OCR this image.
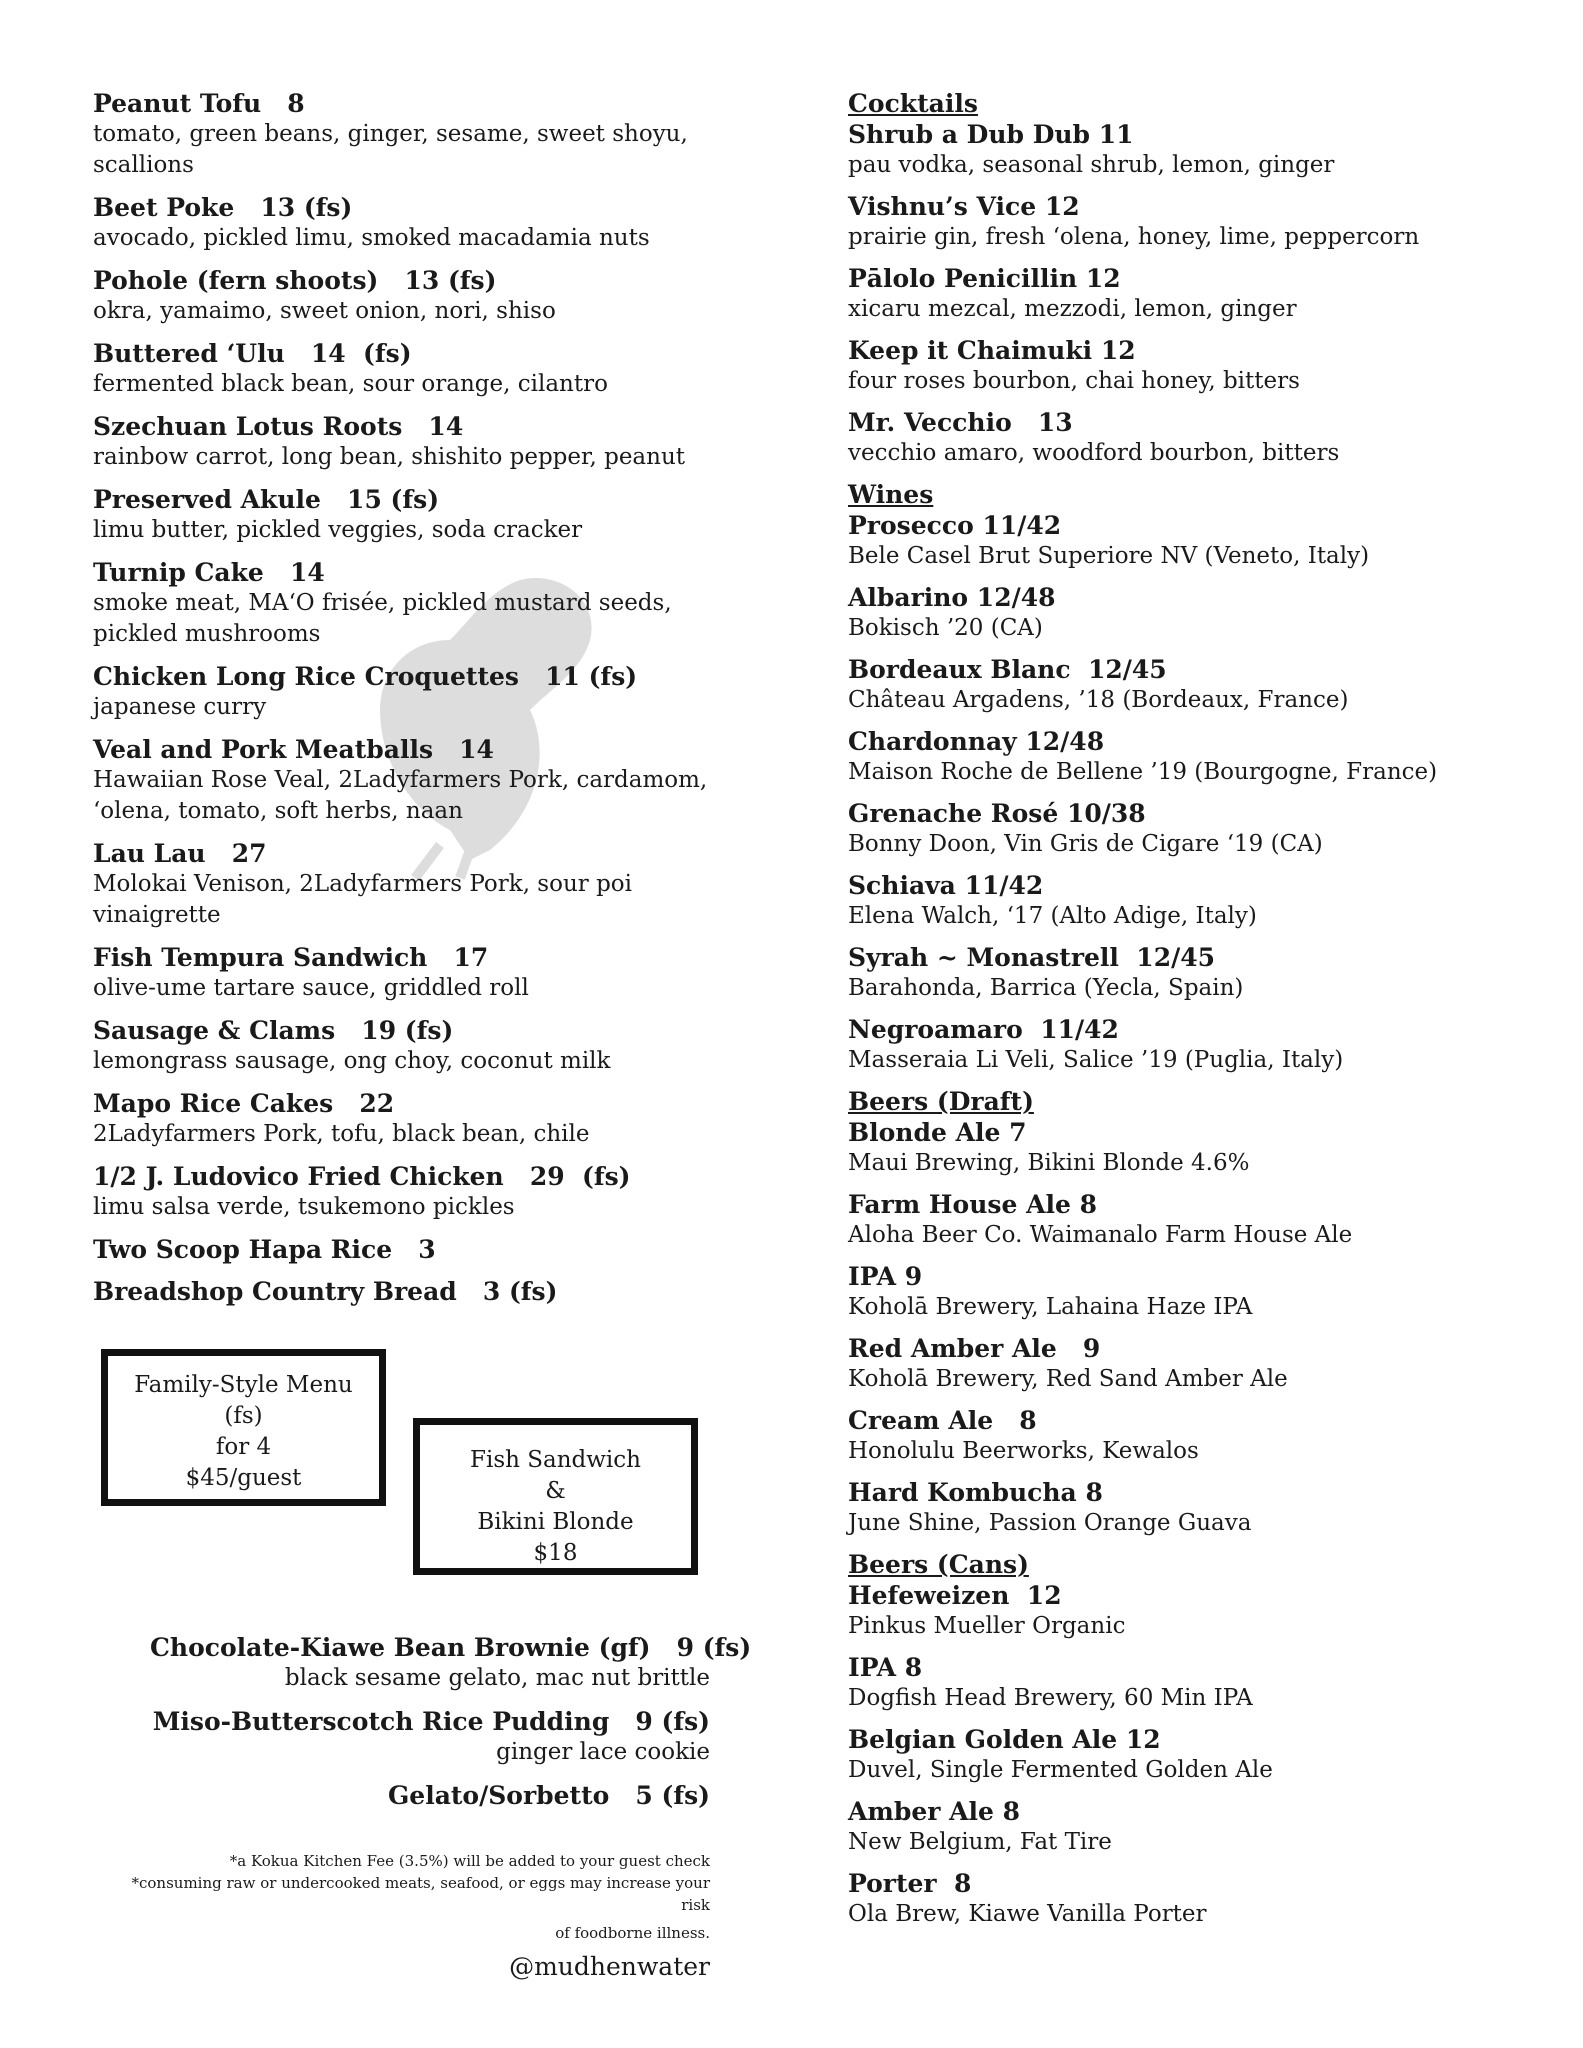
Peanut Tofu   8
tomato, green beans, ginger, sesame, sweet shoyu, scallions
Beet Poke   13 (fs)
avocado, pickled limu, smoked macadamia nuts
Pohole (fern shoots)   13 (fs)
okra, yamaimo, sweet onion, nori, shiso
Buttered ‘Ulu   14  (fs)
fermented black bean, sour orange, cilantro
Szechuan Lotus Roots   14
rainbow carrot, long bean, shishito pepper, peanut
Preserved Akule   15 (fs)
limu butter, pickled veggies, soda cracker
Turnip Cake   14
smoke meat, MA‘O frisée, pickled mustard seeds, pickled mushrooms
Chicken Long Rice Croquettes   11 (fs)
japanese curry
Veal and Pork Meatballs   14
Hawaiian Rose Veal, 2Ladyfarmers Pork, cardamom, ‘olena, tomato, soft herbs, naan
Lau Lau   27
Molokai Venison, 2Ladyfarmers Pork, sour poi vinaigrette
Fish Tempura Sandwich   17
olive-ume tartare sauce, griddled roll
Sausage & Clams   19 (fs)
lemongrass sausage, ong choy, coconut milk
Mapo Rice Cakes   22
2Ladyfarmers Pork, tofu, black bean, chile
1/2 J. Ludovico Fried Chicken   29  (fs)
limu salsa verde, tsukemono pickles
Two Scoop Hapa Rice   3
Breadshop Country Bread   3 (fs)
Family-Style Menu
(fs)
for 4
$45/guest
Fish Sandwich
&
Bikini Blonde
$18
Chocolate-Kiawe Bean Brownie (gf)   9 (fs)
black sesame gelato, mac nut brittle
Miso-Butterscotch Rice Pudding   9 (fs)
ginger lace cookie
Gelato/Sorbetto   5 (fs)
*a Kokua Kitchen Fee (3.5%) will be added to your guest check
*consuming raw or undercooked meats, seafood, or eggs may increase your risk
of foodborne illness.
@mudhenwater
Cocktails
Shrub a Dub Dub 11
pau vodka, seasonal shrub, lemon, ginger
Vishnu’s Vice 12
prairie gin, fresh ‘olena, honey, lime, peppercorn
Pālolo Penicillin 12
xicaru mezcal, mezzodi, lemon, ginger
Keep it Chaimuki 12
four roses bourbon, chai honey, bitters
Mr. Vecchio   13
vecchio amaro, woodford bourbon, bitters
Wines
Prosecco 11/42
Bele Casel Brut Superiore NV (Veneto, Italy)
Albarino 12/48
Bokisch ’20 (CA)
Bordeaux Blanc  12/45
Château Argadens, ’18 (Bordeaux, France)
Chardonnay 12/48
Maison Roche de Bellene ’19 (Bourgogne, France)
Grenache Rosé 10/38
Bonny Doon, Vin Gris de Cigare ‘19 (CA)
Schiava 11/42
Elena Walch, ‘17 (Alto Adige, Italy)
Syrah ~ Monastrell  12/45
Barahonda, Barrica (Yecla, Spain)
Negroamaro  11/42
Masseraia Li Veli, Salice ’19 (Puglia, Italy)
Beers (Draft)
Blonde Ale 7
Maui Brewing, Bikini Blonde 4.6%
Farm House Ale 8
Aloha Beer Co. Waimanalo Farm House Ale
IPA 9
Koholā Brewery, Lahaina Haze IPA
Red Amber Ale   9
Koholā Brewery, Red Sand Amber Ale
Cream Ale   8
Honolulu Beerworks, Kewalos
Hard Kombucha 8
June Shine, Passion Orange Guava
Beers (Cans)
Hefeweizen  12
Pinkus Mueller Organic
IPA 8
Dogfish Head Brewery, 60 Min IPA
Belgian Golden Ale 12
Duvel, Single Fermented Golden Ale
Amber Ale 8
New Belgium, Fat Tire
Porter  8
Ola Brew, Kiawe Vanilla Porter
